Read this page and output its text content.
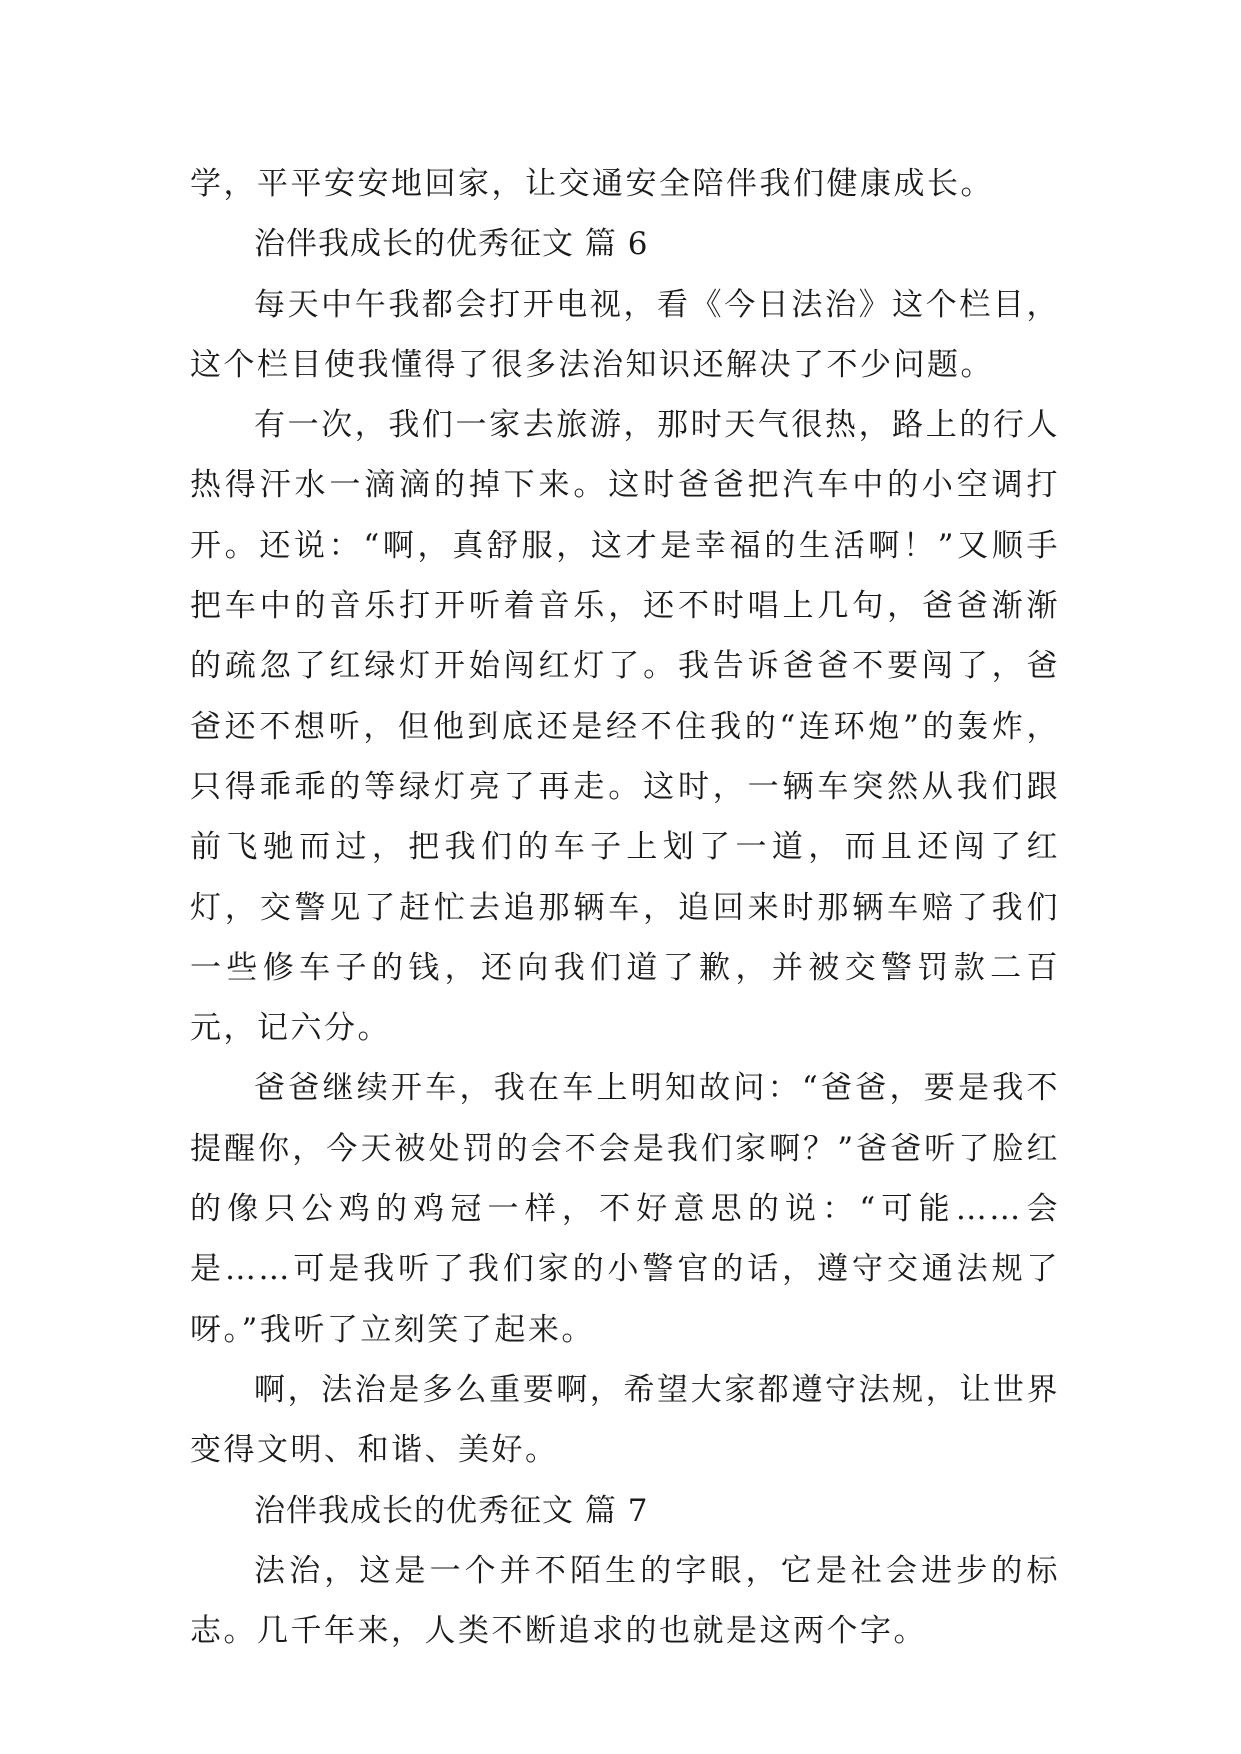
学，平平安安地回家，让交通安全陪伴我们健康成长。

治伴我成长的优秀征文 篇 6

每天中午我都会打开电视，看《今日法治》这个栏目，这个栏目使我懂得了很多法治知识还解决了不少问题。

有一次，我们一家去旅游，那时天气很热，路上的行人热得汗水一滴滴的掉下来。这时爸爸把汽车中的小空调打开。还说：“啊，真舒服，这才是幸福的生活啊！”又顺手把车中的音乐打开听着音乐，还不时唱上几句，爸爸渐渐的疏忽了红绿灯开始闯红灯了。我告诉爸爸不要闯了，爸爸还不想听，但他到底还是经不住我的“连环炮”的轰炸，只得乖乖的等绿灯亮了再走。这时，一辆车突然从我们跟前飞驰而过，把我们的车子上划了一道，而且还闯了红灯，交警见了赶忙去追那辆车，追回来时那辆车赔了我们一些修车子的钱，还向我们道了歉，并被交警罚款二百元，记六分。

爸爸继续开车，我在车上明知故问：“爸爸，要是我不提醒你，今天被处罚的会不会是我们家啊？”爸爸听了脸红的像只公鸡的鸡冠一样，不好意思的说：“可能……会是……可是我听了我们家的小警官的话，遵守交通法规了呀。”我听了立刻笑了起来。

啊，法治是多么重要啊，希望大家都遵守法规，让世界变得文明、和谐、美好。

治伴我成长的优秀征文 篇 7

法治，这是一个并不陌生的字眼，它是社会进步的标志。几千年来，人类不断追求的也就是这两个字。
